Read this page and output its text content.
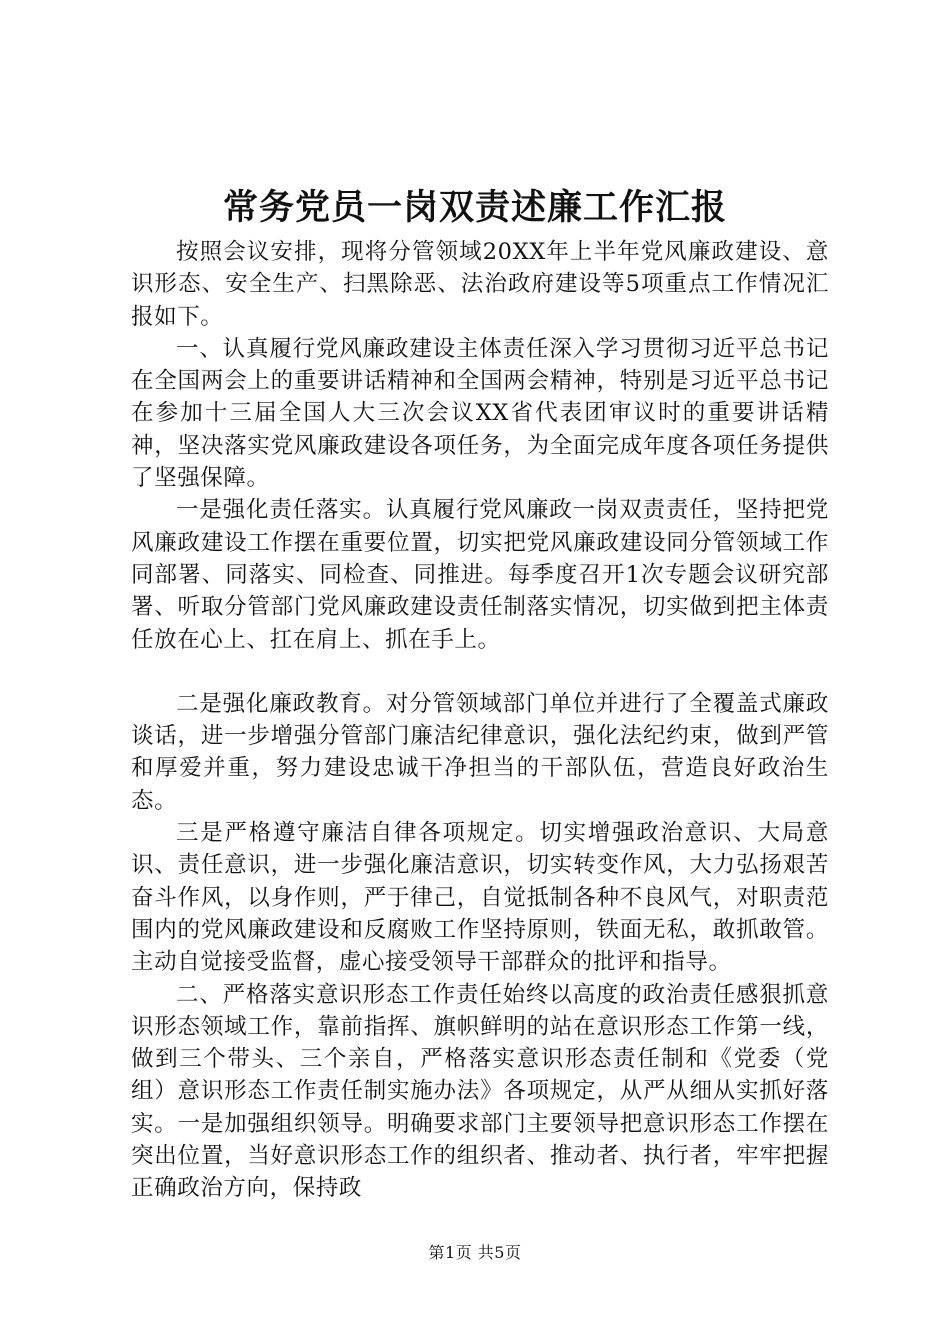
常务党员一岗双责述廉工作汇报

按照会议安排，现将分管领域20XX年上半年党风廉政建设、意识形态、安全生产、扫黑除恶、法治政府建设等5项重点工作情况汇报如下。

一、认真履行党风廉政建设主体责任深入学习贯彻习近平总书记在全国两会上的重要讲话精神和全国两会精神，特别是习近平总书记在参加十三届全国人大三次会议XX省代表团审议时的重要讲话精神，坚决落实党风廉政建设各项任务，为全面完成年度各项任务提供了坚强保障。

一是强化责任落实。认真履行党风廉政一岗双责责任，坚持把党风廉政建设工作摆在重要位置，切实把党风廉政建设同分管领域工作同部署、同落实、同检查、同推进。每季度召开1次专题会议研究部署、听取分管部门党风廉政建设责任制落实情况，切实做到把主体责任放在心上、扛在肩上、抓在手上。

二是强化廉政教育。对分管领域部门单位并进行了全覆盖式廉政谈话，进一步增强分管部门廉洁纪律意识，强化法纪约束，做到严管和厚爱并重，努力建设忠诚干净担当的干部队伍，营造良好政治生态。

三是严格遵守廉洁自律各项规定。切实增强政治意识、大局意识、责任意识，进一步强化廉洁意识，切实转变作风，大力弘扬艰苦奋斗作风，以身作则，严于律己，自觉抵制各种不良风气，对职责范围内的党风廉政建设和反腐败工作坚持原则，铁面无私，敢抓敢管。主动自觉接受监督，虚心接受领导干部群众的批评和指导。

二、严格落实意识形态工作责任始终以高度的政治责任感狠抓意识形态领域工作，靠前指挥、旗帜鲜明的站在意识形态工作第一线，做到三个带头、三个亲自，严格落实意识形态责任制和《党委（党组）意识形态工作责任制实施办法》各项规定，从严从细从实抓好落实。一是加强组织领导。明确要求部门主要领导把意识形态工作摆在突出位置，当好意识形态工作的组织者、推动者、执行者，牢牢把握正确政治方向，保持政

第1页 共5页
